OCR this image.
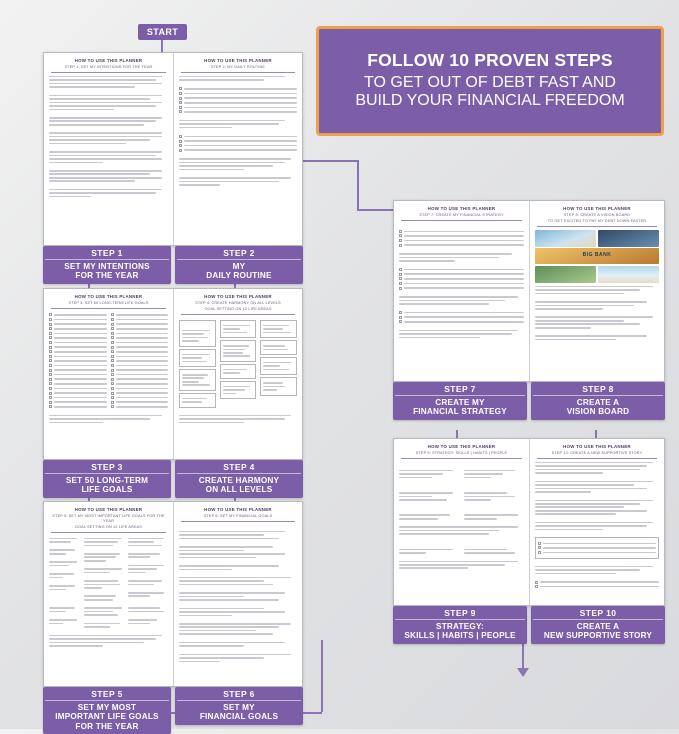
FOLLOW 10 PROVEN STEPS
TO GET OUT OF DEBT FAST AND
BUILD YOUR FINANCIAL FREEDOM
START
HOW TO USE THIS PLANNER
STEP 1: SET MY INTENTIONS FOR THE YEAR
HOW TO USE THIS PLANNER
STEP 2: MY DAILY ROUTINE
STEP 1
SET MY INTENTIONS
FOR THE YEAR
STEP 2
MY
DAILY ROUTINE
HOW TO USE THIS PLANNER
STEP 3: SET 50 LONG-TERM LIFE GOALS
HOW TO USE THIS PLANNER
STEP 4: CREATE HARMONY ON ALL LEVELS
GOAL SETTING ON 12 LIFE AREAS

STEP 3
SET 50 LONG-TERM
LIFE GOALS
STEP 4
CREATE HARMONY
ON ALL LEVELS
HOW TO USE THIS PLANNER
STEP 5: SET MY MOST IMPORTANT LIFE GOALS FOR THE YEAR
GOAL SETTING ON 12 LIFE AREAS
HOW TO USE THIS PLANNER
STEP 6: SET MY FINANCIAL GOALS

STEP 5
SET MY MOST
IMPORTANT LIFE GOALS
FOR THE YEAR
STEP 6
SET MY
FINANCIAL GOALS
HOW TO USE THIS PLANNER
STEP 7: CREATE MY FINANCIAL STRATEGY

HOW TO USE THIS PLANNER
STEP 8: CREATE A VISION BOARD
TO GET EXCITED TO PAY MY DEBT DOWN FASTER
BIG BANK
STEP 7
CREATE MY
FINANCIAL STRATEGY
STEP 8
CREATE A
VISION BOARD
HOW TO USE THIS PLANNER
STEP 9: STRATEGY: SKILLS | HABITS | PEOPLE

HOW TO USE THIS PLANNER
STEP 10: CREATE A NEW SUPPORTIVE STORY
STEP 9
STRATEGY:
SKILLS | HABITS | PEOPLE
STEP 10
CREATE A
NEW SUPPORTIVE STORY
